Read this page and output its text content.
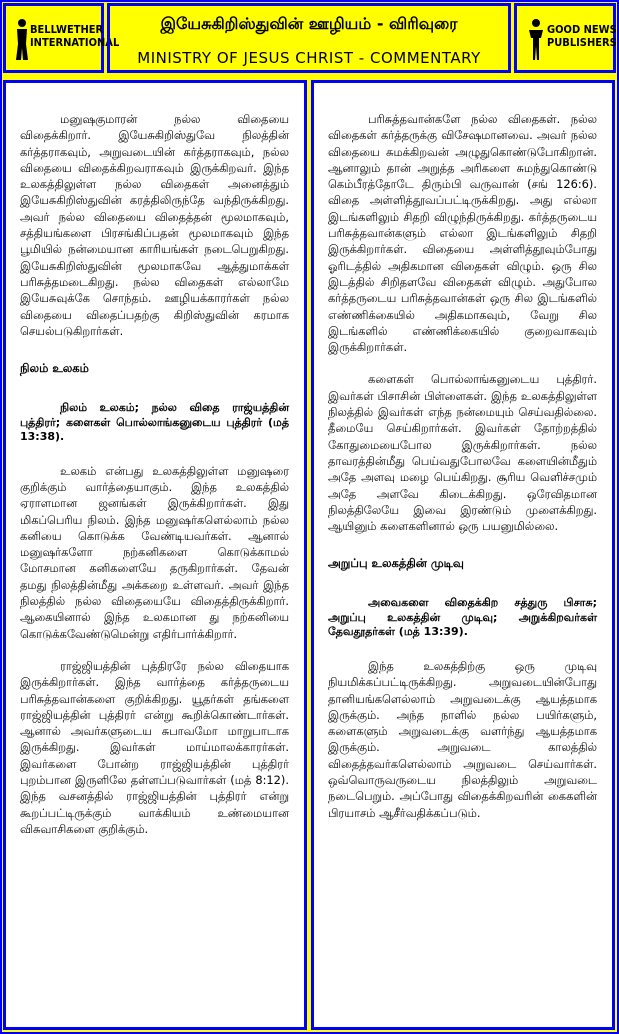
BELLWETHER
INTERNATIONAL
இயேசுகிறிஸ்துவின் ஊழியம் - விரிவுரை
MINISTRY OF JESUS CHRIST - COMMENTARY
GOOD NEWS
PUBLISHERS

மனுஷகுமாரன் நல்ல விதையை விதைக்கிறார். இயேசுகிறிஸ்துவே நிலத்தின் கர்த்தராகவும், அறுவடையின் கர்த்தராகவும், நல்ல விதையை விதைக்கிறவராகவும் இருக்கிறவர். இந்த உலகத்திலுள்ள நல்ல விதைகள் அனைத்தும் இயேசுகிறிஸ்துவின் கரத்திலிருந்தே வந்திருக்கிறது. அவர் நல்ல விதையை விதைத்தன் மூலமாகவும், சத்தியங்களை பிரசங்கிப்பதன் மூலமாகவும் இந்த பூமியில் நன்மையான காரியங்கள் நடைபெறுகிறது. இயேசுகிறிஸ்துவின் மூலமாகவே ஆத்துமாக்கள் பரிசுத்தமடைகிறது. நல்ல விதைகள் எல்லாமே இயேசுவுக்கே சொந்தம். ஊழியக்காரர்கள் நல்ல விதையை விதைப்பதற்கு கிறிஸ்துவின் கரமாக செயல்படுகிறார்கள்.

நிலம் உலகம்

நிலம் உலகம்; நல்ல விதை ராஜ்யத்தின் புத்திரர்; களைகள் பொல்லாங்கனுடைய புத்திரர் (மத் 13:38).

உலகம் என்பது உலகத்திலுள்ள மனுஷரை குறிக்கும் வார்த்தையாகும். இந்த உலகத்தில் ஏராளமான ஜனங்கள் இருக்கிறார்கள். இது மிகப்பெரிய நிலம். இந்த மனுஷர்களெல்லாம் நல்ல கனியை கொடுக்க வேண்டியவர்கள். ஆனால் மனுஷர்களோ நற்கனிகளை கொடுக்காமல் மோசமான கனிகளையே தருகிறார்கள். தேவன் தமது நிலத்தின்மீது அக்கறை உள்ளவர். அவர் இந்த நிலத்தில் நல்ல விதையையே விதைத்திருக்கிறார். ஆகையினால் இந்த உலகமான து நற்கனியை கொடுக்கவேண்டுமென்று எதிர்பார்க்கிறார்.

ராஜ்ஜியத்தின் புத்திரரே நல்ல விதையாக இருக்கிறார்கள். இந்த வார்த்தை கர்த்தருடைய பரிசுத்தவான்களை குறிக்கிறது. யூதர்கள் தங்களை ராஜ்ஜியத்தின் புத்திரர் என்று கூறிக்கொண்டார்கள். ஆனால் அவர்களுடைய சுபாவமோ மாறுபாடாக இருக்கிறது. இவர்கள் மாய்மாலக்காரர்கள். இவர்களை போன்ற ராஜ்ஜியத்தின் புத்திரர் புறம்பான இருளிலே தள்ளப்படுவார்கள் (மத் 8:12). இந்த வசனத்தில் ராஜ்ஜியத்தின் புத்திரர் என்று கூறப்பட்டிருக்கும் வாக்கியம் உண்மையான விசுவாசிகளை குறிக்கும்.

பரிசுத்தவான்களே நல்ல விதைகள். நல்ல விதைகள் கர்த்தருக்கு விசேஷமானவை. அவர் நல்ல விதையை சுமக்கிறவன் அழுதுகொண்டுபோகிறான். ஆனாலும் தான் அறுத்த அரிகளை சுமந்துகொண்டு கெம்பீரத்தோடே திரும்பி வருவான் (சங் 126:6). விதை அள்ளித்தூவப்பட்டிருக்கிறது. அது எல்லா இடங்களிலும் சிதறி விழுந்திருக்கிறது. கர்த்தருடைய பரிசுத்தவான்களும் எல்லா இடங்களிலும் சிதறி இருக்கிறார்கள். விதையை அள்ளித்தூவும்போது ஓரிடத்தில் அதிகமான விதைகள் விழும். ஒரு சில இடத்தில் சிறிதளவே விதைகள் விழும். அதுபோல கர்த்தருடைய பரிசுத்தவான்கள் ஒரு சில இடங்களில் எண்ணிக்கையில் அதிகமாகவும், வேறு சில இடங்களில் எண்ணிக்கையில் குறைவாகவும் இருக்கிறார்கள்.

களைகள் பொல்லாங்கனுடைய புத்திரர். இவர்கள் பிசாசின் பிள்ளைகள். இந்த உலகத்திலுள்ள நிலத்தில் இவர்கள் எந்த நன்மையும் செய்வதில்லை. தீமையே செய்கிறார்கள். இவர்கள் தோற்றத்தில் கோதுமையைபோல இருக்கிறார்கள். நல்ல தாவரத்தின்மீது பெய்வதுபோலவே களையின்மீதும் அதே அளவு மழை பெய்கிறது. சூரிய வெளிச்சமும் அதே அளவே கிடைக்கிறது. ஒரேவிதமான நிலத்திலேயே இவை இரண்டும் முளைக்கிறது. ஆயினும் களைகளினால் ஒரு பயனுமில்லை.

அறுப்பு உலகத்தின் முடிவு

அவைகளை விதைக்கிற சத்துரு பிசாசு; அறுப்பு உலகத்தின் முடிவு; அறுக்கிறவர்கள் தேவதூதர்கள் (மத் 13:39).

இந்த உலகத்திற்கு ஒரு முடிவு நியமிக்கப்பட்டிருக்கிறது. அறுவடையின்போது தானியங்களெல்லாம் அறுவடைக்கு ஆயத்தமாக இருக்கும். அந்த நாளில் நல்ல பயிர்களும், களைகளும் அறுவடைக்கு வளர்ந்து ஆயத்தமாக இருக்கும். அறுவடை காலத்தில் விதைத்தவர்களெல்லாம் அறுவடை செய்வார்கள். ஒவ்வொருவருடைய நிலத்திலும் அறுவடை நடைபெறும். அப்போது விதைக்கிறவரின் கைகளின் பிரயாசம் ஆசீர்வதிக்கப்படும்.
